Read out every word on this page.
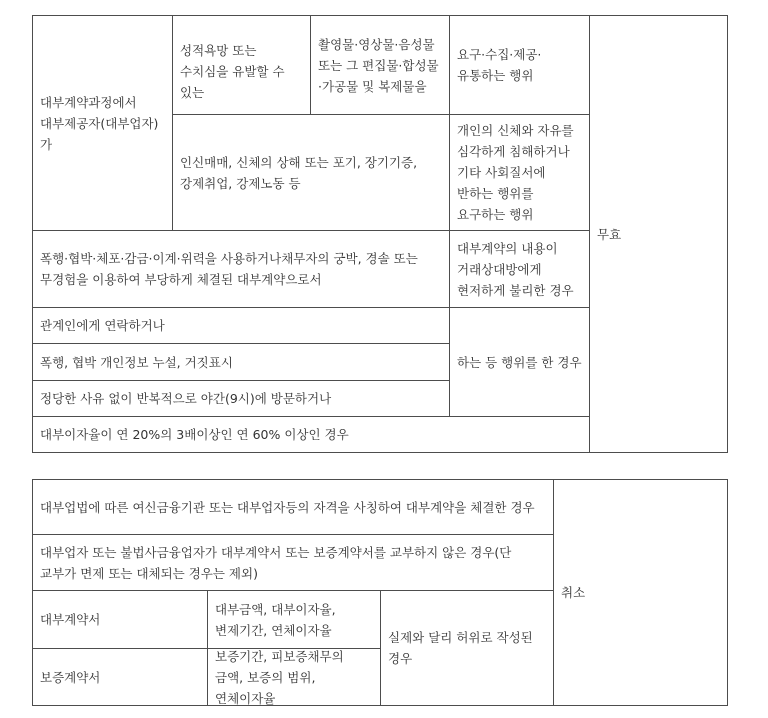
대부계약과정에서 대부제공자(대부업자)가
성적욕망 또는 수치심을 유발할 수 있는
촬영물·영상물·음성물 또는 그 편집물·합성물·가공물 및 복제물을
요구·수집·제공·유통하는 행위
인신매매, 신체의 상해 또는 포기, 장기기증, 강제취업, 강제노동 등
개인의 신체와 자유를 심각하게 침해하거나 기타 사회질서에 반하는 행위를 요구하는 행위
폭행·협박·체포·감금·이계·위력을 사용하거나채무자의 궁박, 경솔 또는 무경험을 이용하여 부당하게 체결된 대부계약으로서
대부계약의 내용이 거래상대방에게 현저하게 불리한 경우
관계인에게 연락하거나
폭행, 협박 개인정보 누설, 거짓표시
정당한 사유 없이 반복적으로 야간(9시)에 방문하거나
하는 등 행위를 한 경우
대부이자율이 연 20%의 3배이상인 연 60% 이상인 경우
무효
대부업법에 따른 여신금융기관 또는 대부업자등의 자격을 사칭하여 대부계약을 체결한 경우
대부업자 또는 불법사금융업자가 대부계약서 또는 보증계약서를 교부하지 않은 경우(단 교부가 면제 또는 대체되는 경우는 제외)
대부계약서
대부금액, 대부이자율, 변제기간, 연체이자율
보증계약서
보증기간, 피보증채무의 금액, 보증의 범위, 연체이자율
실제와 달리 허위로 작성된 경우
취소
